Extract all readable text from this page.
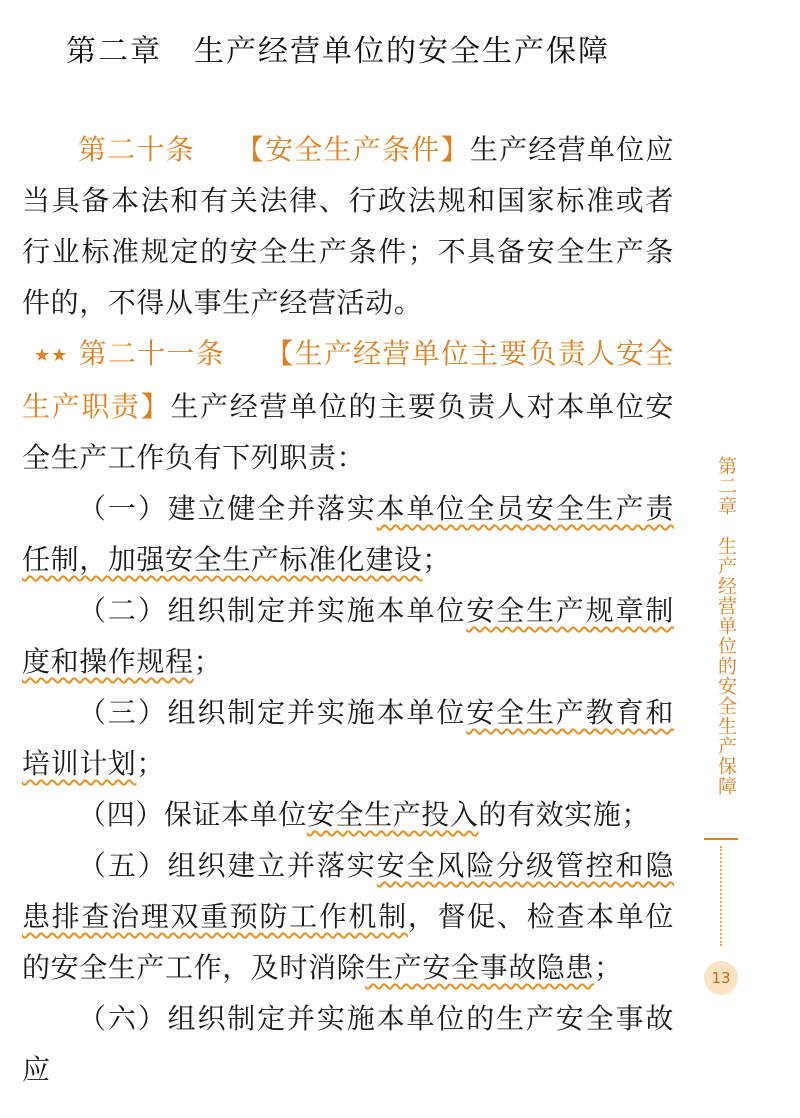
第二章　生产经营单位的安全生产保障

第二十条 【安全生产条件】生产经营单位应当具备本法和有关法律、行政法规和国家标准或者行业标准规定的安全生产条件；不具备安全生产条件的，不得从事生产经营活动。

★★ 第二十一条 【生产经营单位主要负责人安全生产职责】生产经营单位的主要负责人对本单位安全生产工作负有下列职责：

（一）建立健全并落实本单位全员安全生产责任制，加强安全生产标准化建设；

（二）组织制定并实施本单位安全生产规章制度和操作规程；

（三）组织制定并实施本单位安全生产教育和培训计划；

（四）保证本单位安全生产投入的有效实施；

（五）组织建立并落实安全风险分级管控和隐患排查治理双重预防工作机制，督促、检查本单位的安全生产工作，及时消除生产安全事故隐患；

（六）组织制定并实施本单位的生产安全事故应

第二章　生产经营单位的安全生产保障
13
